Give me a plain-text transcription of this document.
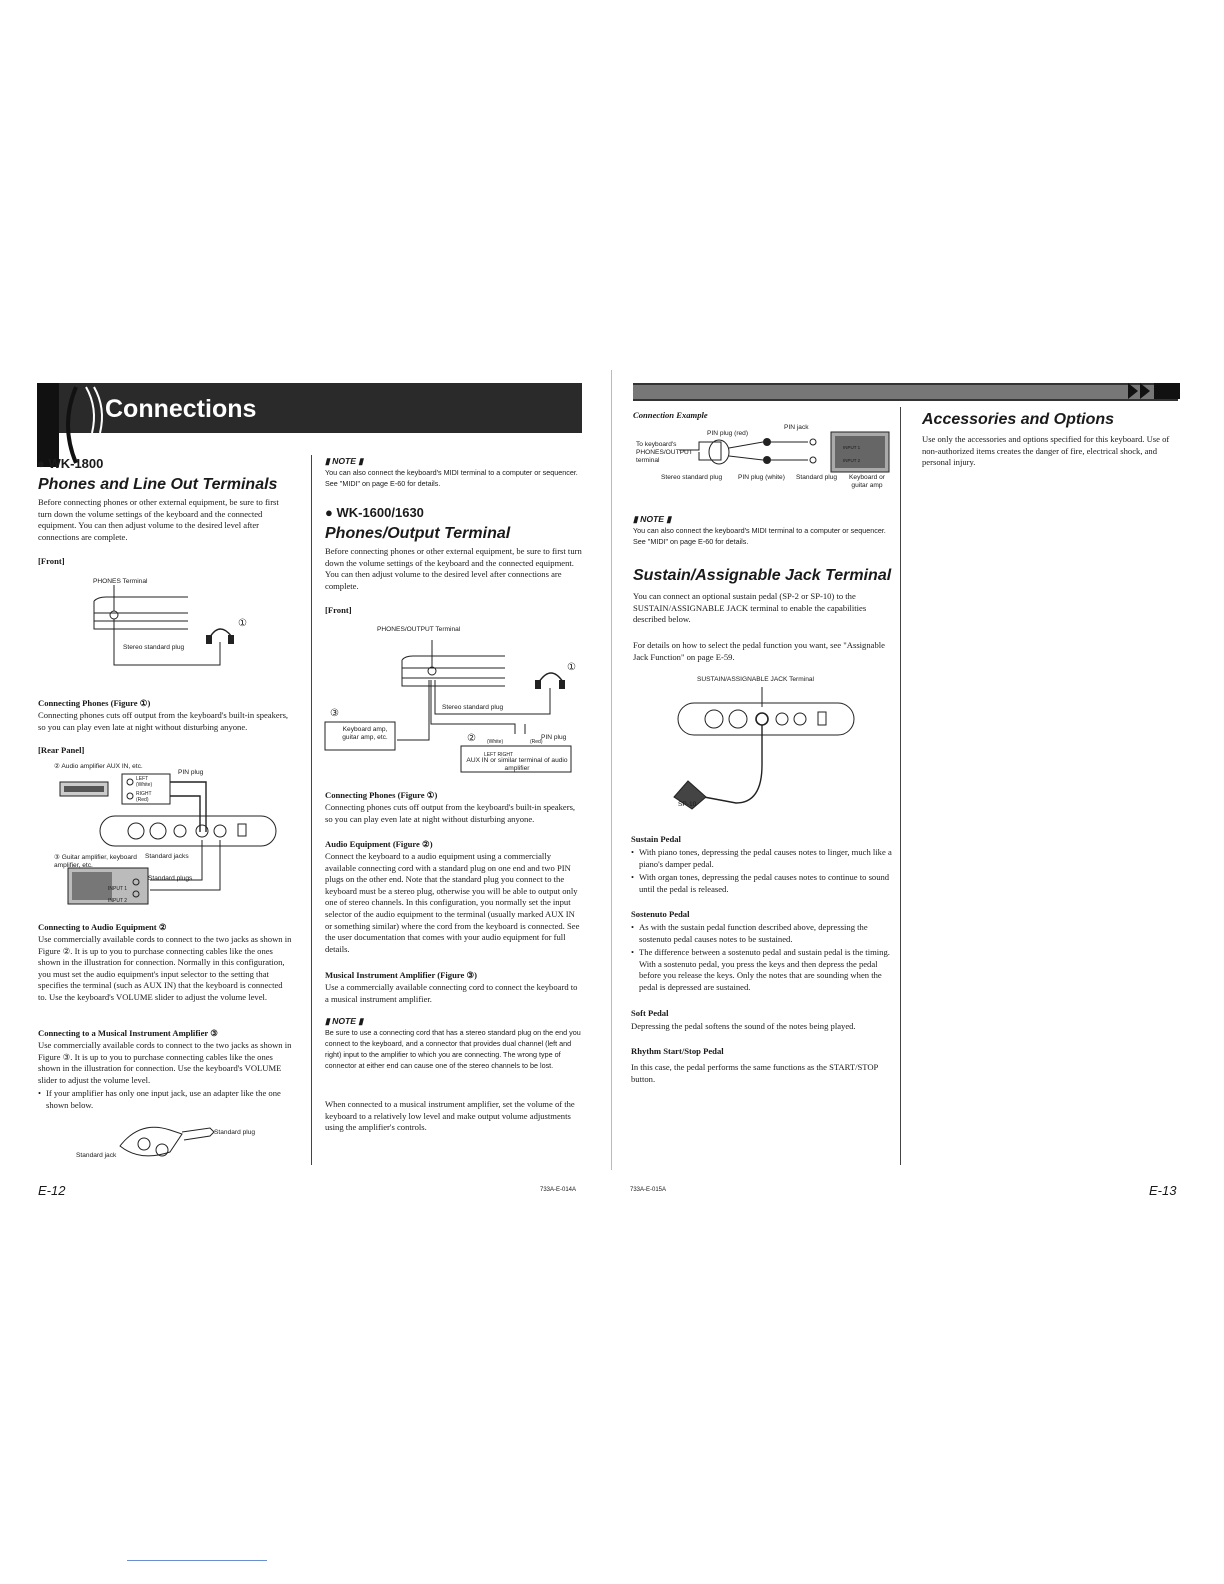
Connections
● WK-1800
Phones and Line Out Terminals
Before connecting phones or other external equipment, be sure to first turn down the volume settings of the keyboard and the connected equipment. You can then adjust volume to the desired level after connections are complete.
[Front]
PHONES Terminal
Stereo standard plug
①
Connecting Phones (Figure ①)
Connecting phones cuts off output from the keyboard's built-in speakers, so you can play even late at night without disturbing anyone.
[Rear Panel]
② Audio amplifier AUX IN, etc.
PIN plug
LEFT (White)
RIGHT (Red)
③ Guitar amplifier, keyboard amplifier, etc.
Standard jacks
Standard plugs
INPUT 1
INPUT 2
Connecting to Audio Equipment ②
Use commercially available cords to connect to the two jacks as shown in Figure ②. It is up to you to purchase connecting cables like the ones shown in the illustration for connection. Normally in this configuration, you must set the audio equipment's input selector to the setting that specifies the terminal (such as AUX IN) that the keyboard is connected to. Use the keyboard's VOLUME slider to adjust the volume level.
Connecting to a Musical Instrument Amplifier ③
Use commercially available cords to connect to the two jacks as shown in Figure ③. It is up to you to purchase connecting cables like the ones shown in the illustration for connection. Use the keyboard's VOLUME slider to adjust the volume level.
• If your amplifier has only one input jack, use an adapter like the one shown below.
Standard plug
Standard jack
E-12
▮ NOTE ▮
You can also connect the keyboard's MIDI terminal to a computer or sequencer. See "MIDI" on page E-60 for details.
● WK-1600/1630
Phones/Output Terminal
Before connecting phones or other external equipment, be sure to first turn down the volume settings of the keyboard and the connected equipment. You can then adjust volume to the desired level after connections are complete.
[Front]
PHONES/OUTPUT Terminal
Stereo standard plug
①
③
Keyboard amp, guitar amp, etc.	② (White)	(Red)
PIN plug
LEFT RIGHT
AUX IN or similar terminal of audio amplifier
Connecting Phones (Figure ①)
Connecting phones cuts off output from the keyboard's built-in speakers, so you can play even late at night without disturbing anyone.
Audio Equipment (Figure ②)
Connect the keyboard to a audio equipment using a commercially available connecting cord with a standard plug on one end and two PIN plugs on the other end. Note that the standard plug you connect to the keyboard must be a stereo plug, otherwise you will be able to output only one of stereo channels. In this configuration, you normally set the input selector of the audio equipment to the terminal (usually marked AUX IN or something similar) where the cord from the keyboard is connected. See the user documentation that comes with your audio equipment for full details.
Musical Instrument Amplifier (Figure ③)
Use a commercially available connecting cord to connect the keyboard to a musical instrument amplifier.
▮ NOTE ▮
Be sure to use a connecting cord that has a stereo standard plug on the end you connect to the keyboard, and a connector that provides dual channel (left and right) input to the amplifier to which you are connecting. The wrong type of connector at either end can cause one of the stereo channels to be lost.
When connected to a musical instrument amplifier, set the volume of the keyboard to a relatively low level and make output volume adjustments using the amplifier's controls.
733A-E-014A
Connection Example
PIN jack
PIN plug (red)
To keyboard's PHONES/OUTPUT terminal
INPUT 1
INPUT 2
Stereo standard plug PIN plug (white) Standard plug	Keyboard or guitar amp
▮ NOTE ▮
You can also connect the keyboard's MIDI terminal to a computer or sequencer. See "MIDI" on page E-60 for details.
Sustain/Assignable Jack Terminal
You can connect an optional sustain pedal (SP-2 or SP-10) to the SUSTAIN/ASSIGNABLE JACK terminal to enable the capabilities described below.
For details on how to select the pedal function you want, see "Assignable Jack Function" on page E-59.
SUSTAIN/ASSIGNABLE JACK Terminal
SP-10
Sustain Pedal
• With piano tones, depressing the pedal causes notes to linger, much like a piano's damper pedal.
• With organ tones, depressing the pedal causes notes to continue to sound until the pedal is released.
Sostenuto Pedal
• As with the sustain pedal function described above, depressing the sostenuto pedal causes notes to be sustained.
• The difference between a sostenuto pedal and sustain pedal is the timing. With a sostenuto pedal, you press the keys and then depress the pedal before you release the keys. Only the notes that are sounding when the pedal is depressed are sustained.
Soft Pedal
Depressing the pedal softens the sound of the notes being played.
Rhythm Start/Stop Pedal
In this case, the pedal performs the same functions as the START/STOP button.
733A-E-015A
Accessories and Options
Use only the accessories and options specified for this keyboard. Use of non-authorized items creates the danger of fire, electrical shock, and personal injury.
E-13
